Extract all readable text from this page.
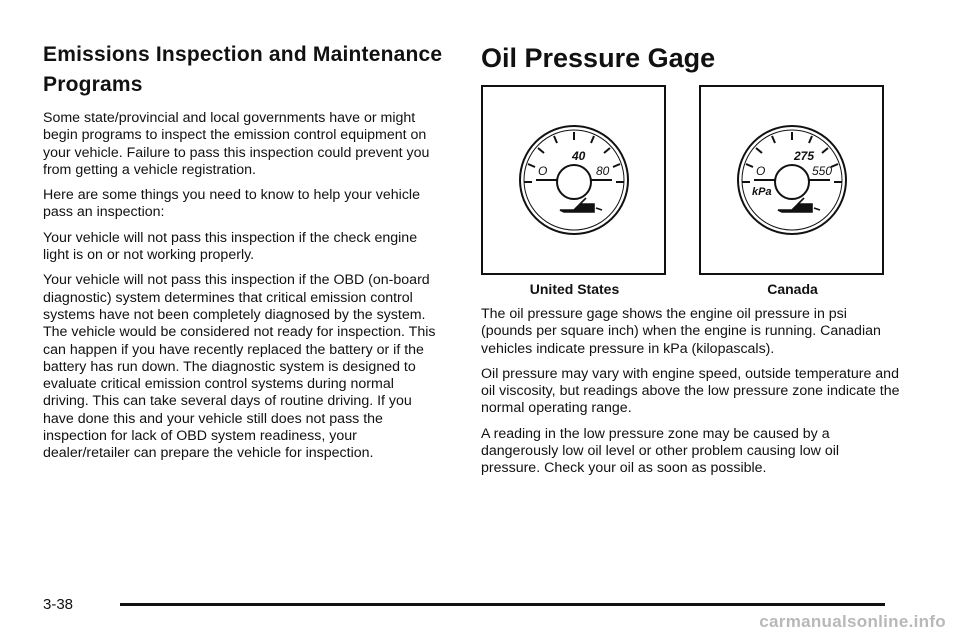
Emissions Inspection and Maintenance Programs

Some state/provincial and local governments have or might begin programs to inspect the emission control equipment on your vehicle. Failure to pass this inspection could prevent you from getting a vehicle registration.

Here are some things you need to know to help your vehicle pass an inspection:

Your vehicle will not pass this inspection if the check engine light is on or not working properly.

Your vehicle will not pass this inspection if the OBD (on-board diagnostic) system determines that critical emission control systems have not been completely diagnosed by the system. The vehicle would be considered not ready for inspection. This can happen if you have recently replaced the battery or if the battery has run down. The diagnostic system is designed to evaluate critical emission control systems during normal driving. This can take several days of routine driving. If you have done this and your vehicle still does not pass the inspection for lack of OBD system readiness, your dealer/retailer can prepare the vehicle for inspection.

Oil Pressure Gage
40
O	80
United States
275
O	550
kPa
Canada

The oil pressure gage shows the engine oil pressure in psi (pounds per square inch) when the engine is running. Canadian vehicles indicate pressure in kPa (kilopascals).

Oil pressure may vary with engine speed, outside temperature and oil viscosity, but readings above the low pressure zone indicate the normal operating range.

A reading in the low pressure zone may be caused by a dangerously low oil level or other problem causing low oil pressure. Check your oil as soon as possible.

3-38
carmanualsonline.info
